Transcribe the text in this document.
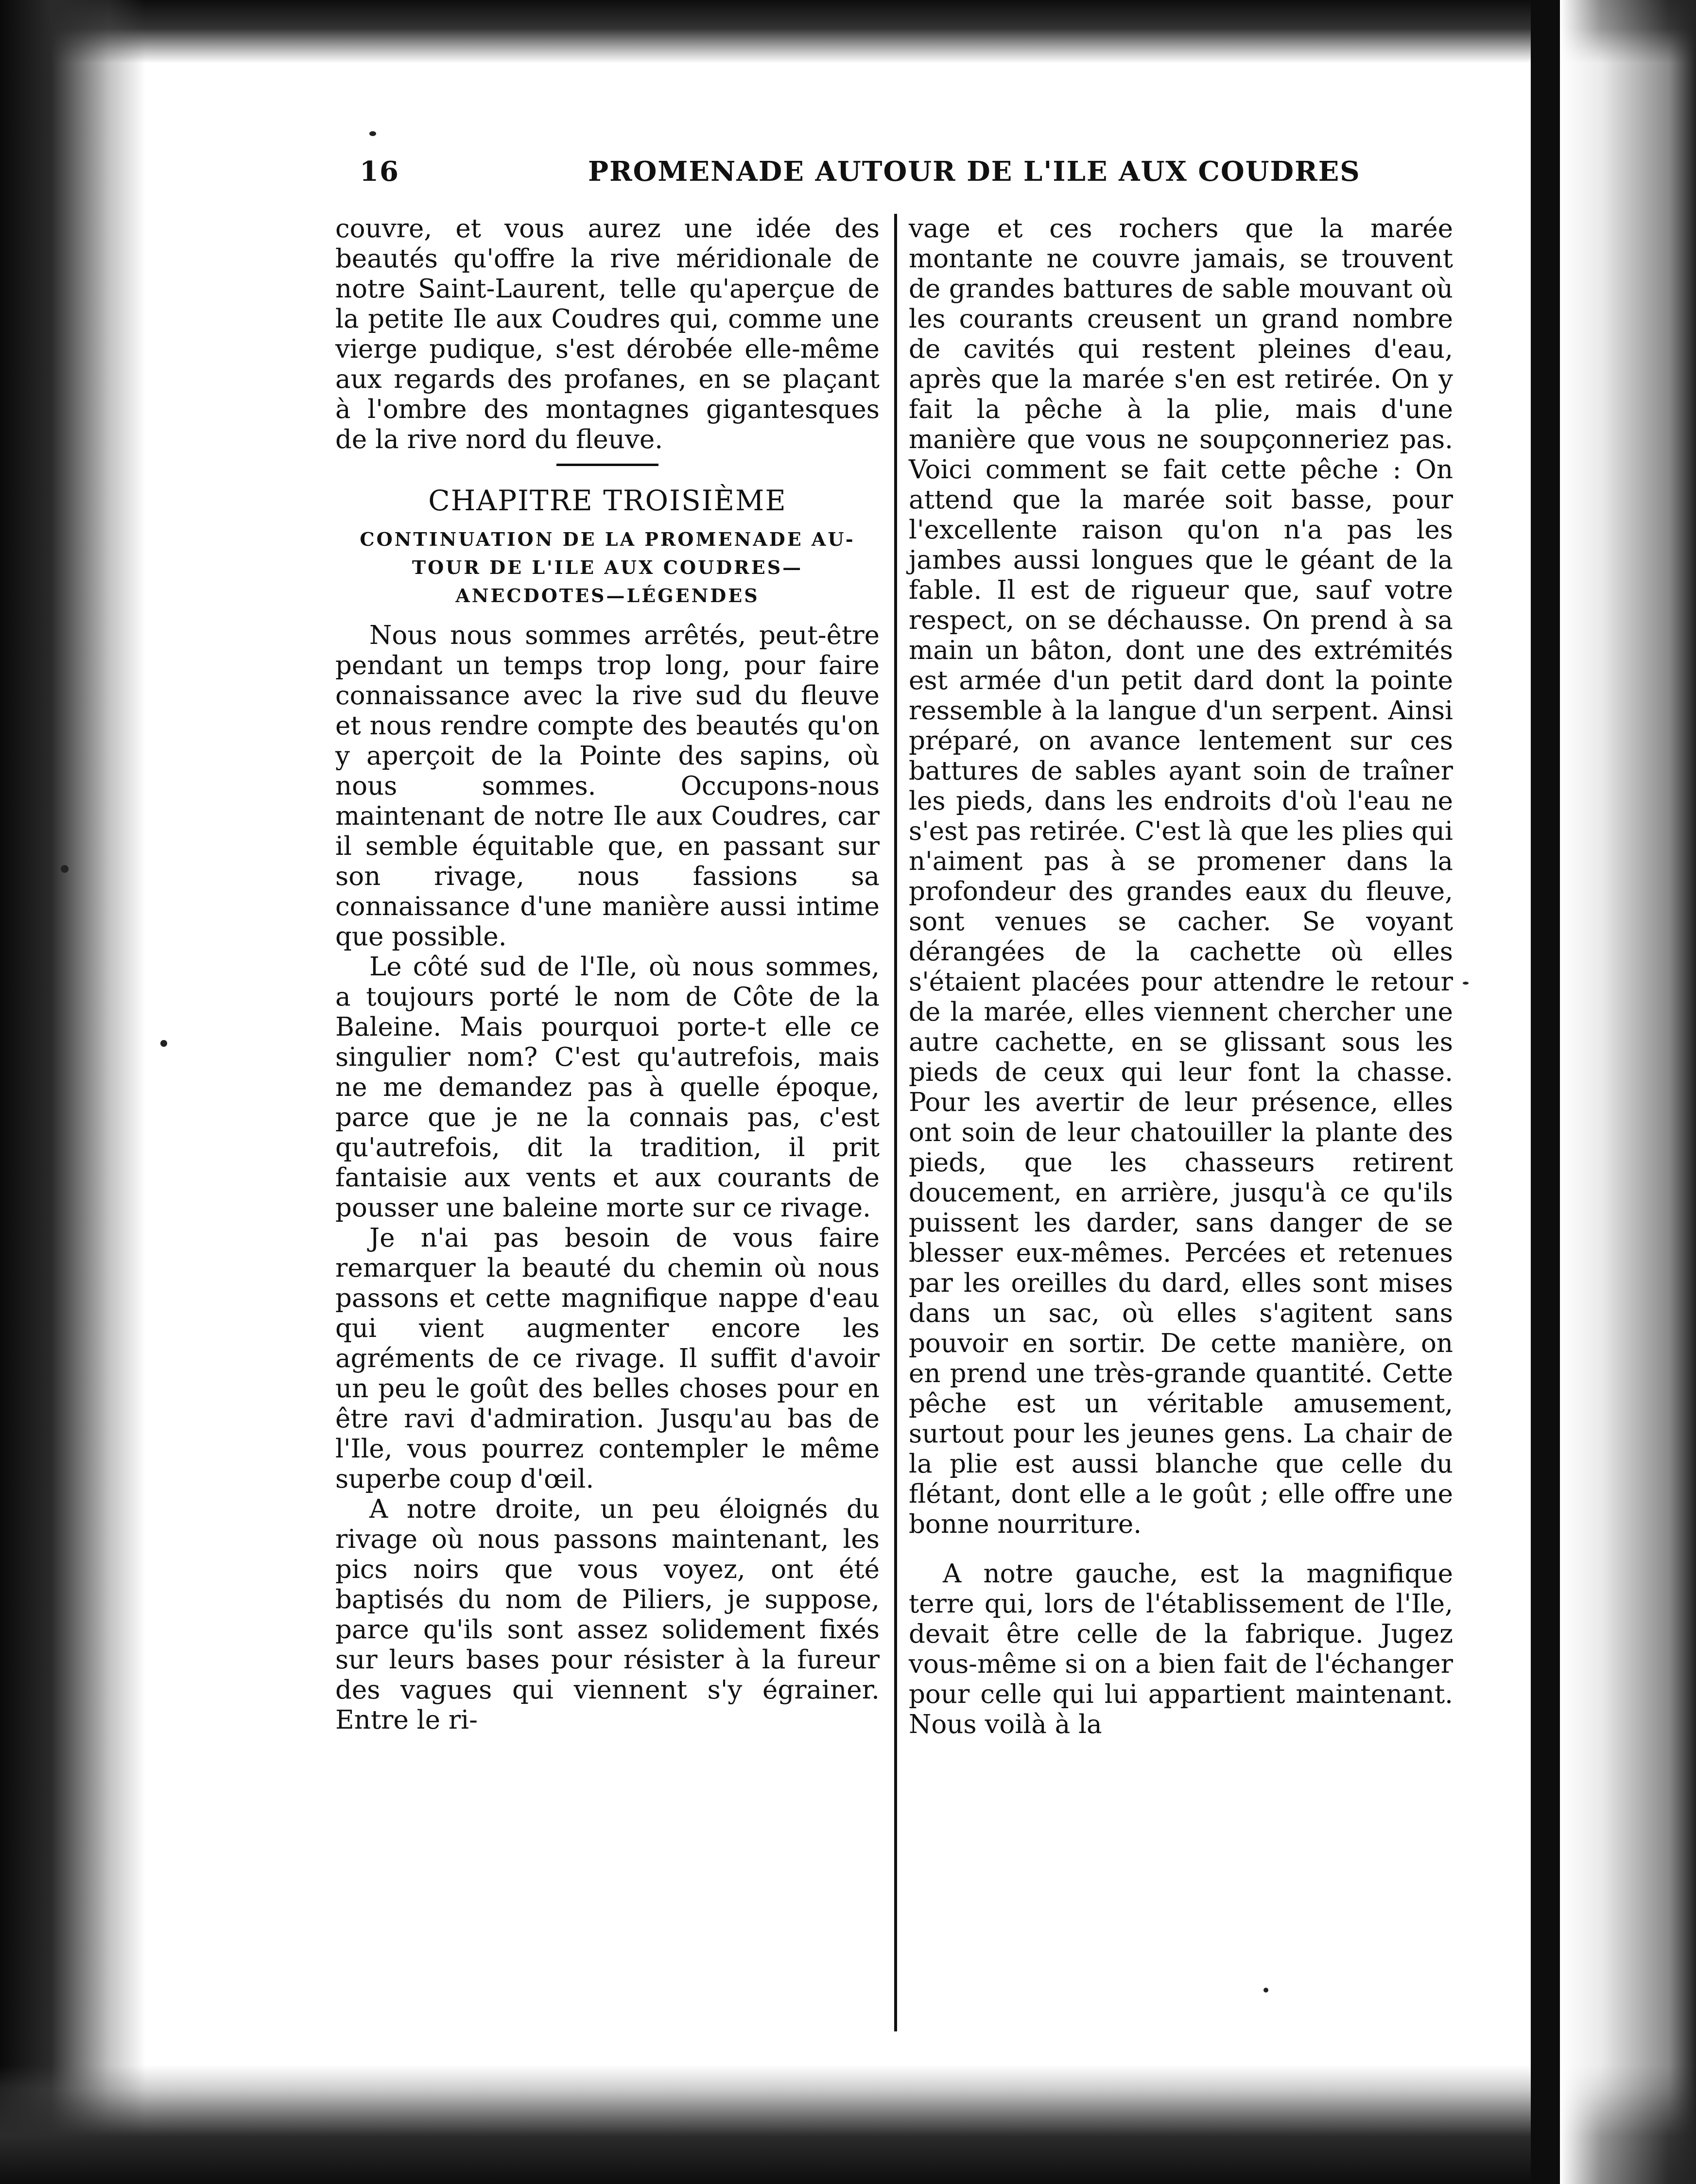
16	PROMENADE AUTOUR DE L'ILE AUX COUDRES

couvre, et vous aurez une idée des beautés qu'offre la rive méridionale de notre Saint-Laurent, telle qu'aperçue de la petite Ile aux Coudres qui, comme une vierge pudique, s'est dérobée elle-même aux regards des profanes, en se plaçant à l'ombre des montagnes gigantesques de la rive nord du fleuve.

CHAPITRE TROISIÈME

CONTINUATION DE LA PROMENADE AU-

TOUR DE L'ILE AUX COUDRES—

ANECDOTES—LÉGENDES

Nous nous sommes arrêtés, peut-être pendant un temps trop long, pour faire connaissance avec la rive sud du fleuve et nous rendre compte des beautés qu'on y aperçoit de la Pointe des sapins, où nous sommes. Occupons-nous maintenant de notre Ile aux Coudres, car il semble équitable que, en passant sur son rivage, nous fassions sa connaissance d'une manière aussi intime que possible.

Le côté sud de l'Ile, où nous sommes, a toujours porté le nom de Côte de la Baleine. Mais pourquoi porte-t elle ce singulier nom? C'est qu'autrefois, mais ne me demandez pas à quelle époque, parce que je ne la connais pas, c'est qu'autrefois, dit la tradition, il prit fantaisie aux vents et aux courants de pousser une baleine morte sur ce rivage.

Je n'ai pas besoin de vous faire remarquer la beauté du chemin où nous passons et cette magnifique nappe d'eau qui vient augmenter encore les agréments de ce rivage. Il suffit d'avoir un peu le goût des belles choses pour en être ravi d'admiration. Jusqu'au bas de l'Ile, vous pourrez contempler le même superbe coup d'œil.

A notre droite, un peu éloignés du rivage où nous passons maintenant, les pics noirs que vous voyez, ont été baptisés du nom de Piliers, je suppose, parce qu'ils sont assez solidement fixés sur leurs bases pour résister à la fureur des vagues qui viennent s'y égrainer. Entre le ri-

vage et ces rochers que la marée montante ne couvre jamais, se trouvent de grandes battures de sable mouvant où les courants creusent un grand nombre de cavités qui restent pleines d'eau, après que la marée s'en est retirée. On y fait la pêche à la plie, mais d'une manière que vous ne soupçonneriez pas. Voici comment se fait cette pêche : On attend que la marée soit basse, pour l'excellente raison qu'on n'a pas les jambes aussi longues que le géant de la fable. Il est de rigueur que, sauf votre respect, on se déchausse. On prend à sa main un bâton, dont une des extrémités est armée d'un petit dard dont la pointe ressemble à la langue d'un serpent. Ainsi préparé, on avance lentement sur ces battures de sables ayant soin de traîner les pieds, dans les endroits d'où l'eau ne s'est pas retirée. C'est là que les plies qui n'aiment pas à se promener dans la profondeur des grandes eaux du fleuve, sont venues se cacher. Se voyant dérangées de la cachette où elles s'étaient placées pour attendre le retour de la marée, elles viennent chercher une autre cachette, en se glissant sous les pieds de ceux qui leur font la chasse. Pour les avertir de leur présence, elles ont soin de leur chatouiller la plante des pieds, que les chasseurs retirent doucement, en arrière, jusqu'à ce qu'ils puissent les darder, sans danger de se blesser eux-mêmes. Percées et retenues par les oreilles du dard, elles sont mises dans un sac, où elles s'agitent sans pouvoir en sortir. De cette manière, on en prend une très-grande quantité. Cette pêche est un véritable amusement, surtout pour les jeunes gens. La chair de la plie est aussi blanche que celle du flétant, dont elle a le goût ; elle offre une bonne nourriture.

A notre gauche, est la magnifique terre qui, lors de l'établissement de l'Ile, devait être celle de la fabrique. Jugez vous-même si on a bien fait de l'échanger pour celle qui lui appartient maintenant. Nous voilà à la
